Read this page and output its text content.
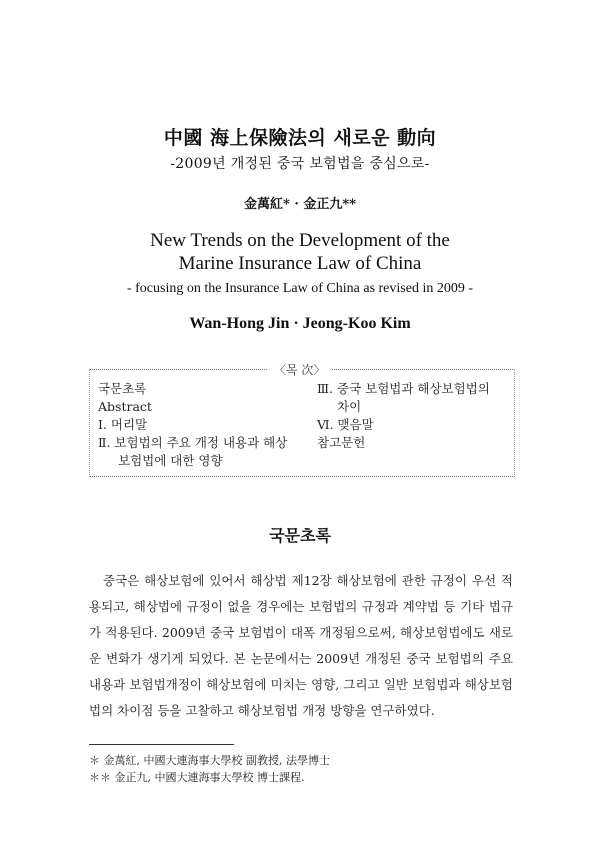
中國 海上保險法의 새로운 動向
-2009년 개정된 중국 보험법을 중심으로-
金萬紅* · 金正九**
New Trends on the Development of the
Marine Insurance Law of China
- focusing on the Insurance Law of China as revised in 2009 -
Wan-Hong Jin · Jeong-Koo Kim
〈목 次〉
국문초록
Abstract
Ⅰ. 머리말
Ⅱ. 보험법의 주요 개정 내용과 해상
보험법에 대한 영향
Ⅲ. 중국 보험법과 해상보험법의
차이
Ⅵ. 맺음말
참고문헌
국문초록
중국은 해상보험에 있어서 해상법 제12장 해상보험에 관한 규정이 우선 적용되고, 해상법에 규정이 없을 경우에는 보험법의 규정과 계약법 등 기타 법규가 적용된다. 2009년 중국 보험법이 대폭 개정됨으로써, 해상보험법에도 새로운 변화가 생기게 되었다. 본 논문에서는 2009년 개정된 중국 보험법의 주요 내용과 보험법개정이 해상보험에 미치는 영향, 그리고 일반 보험법과 해상보험법의 차이점 등을 고찰하고 해상보험법 개정 방향을 연구하였다.
＊ 金萬紅, 中國大連海事大學校 副教授, 法學博士
＊＊ 金正九, 中國大連海事大學校 博士課程.
